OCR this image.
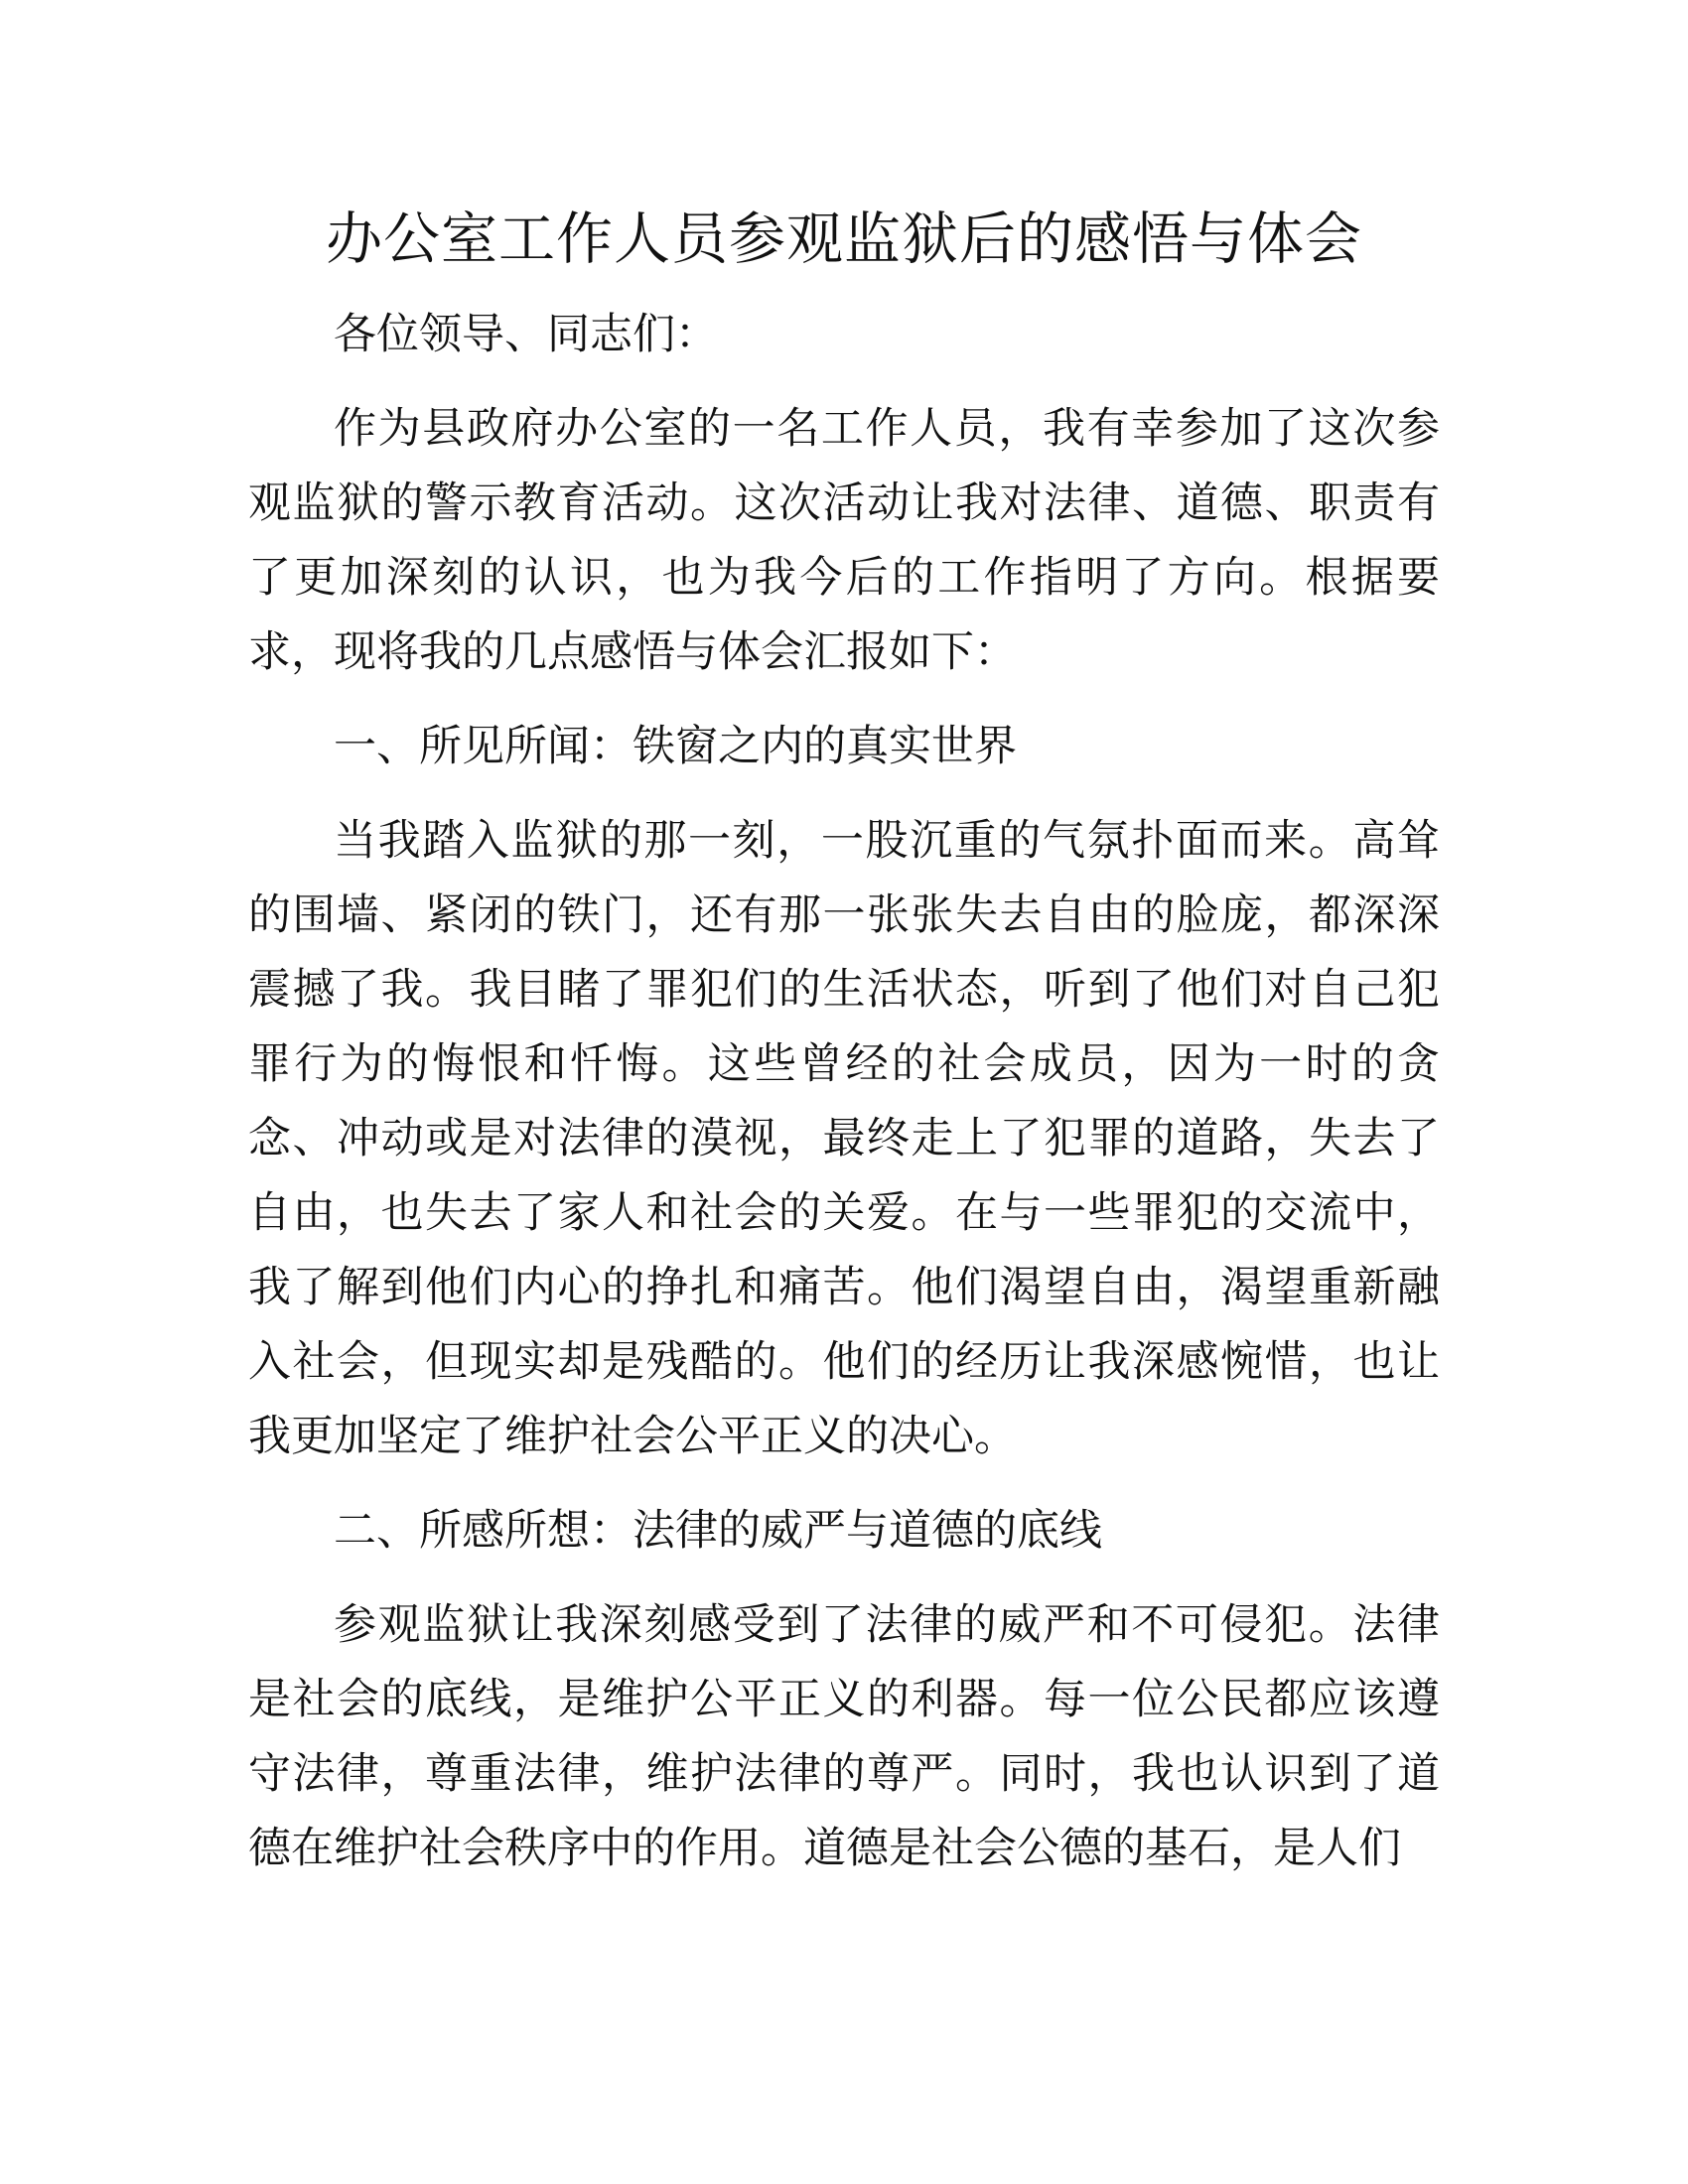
办公室工作人员参观监狱后的感悟与体会

各位领导、同志们：

作为县政府办公室的一名工作人员，我有幸参加了这次参观监狱的警示教育活动。这次活动让我对法律、道德、职责有了更加深刻的认识，也为我今后的工作指明了方向。根据要求，现将我的几点感悟与体会汇报如下：

一、所见所闻：铁窗之内的真实世界

当我踏入监狱的那一刻，一股沉重的气氛扑面而来。高耸的围墙、紧闭的铁门，还有那一张张失去自由的脸庞，都深深震撼了我。我目睹了罪犯们的生活状态，听到了他们对自己犯罪行为的悔恨和忏悔。这些曾经的社会成员，因为一时的贪念、冲动或是对法律的漠视，最终走上了犯罪的道路，失去了自由，也失去了家人和社会的关爱。在与一些罪犯的交流中，我了解到他们内心的挣扎和痛苦。他们渴望自由，渴望重新融入社会，但现实却是残酷的。他们的经历让我深感惋惜，也让我更加坚定了维护社会公平正义的决心。

二、所感所想：法律的威严与道德的底线

参观监狱让我深刻感受到了法律的威严和不可侵犯。法律是社会的底线，是维护公平正义的利器。每一位公民都应该遵守法律，尊重法律，维护法律的尊严。同时，我也认识到了道德在维护社会秩序中的作用。道德是社会公德的基石，是人们
